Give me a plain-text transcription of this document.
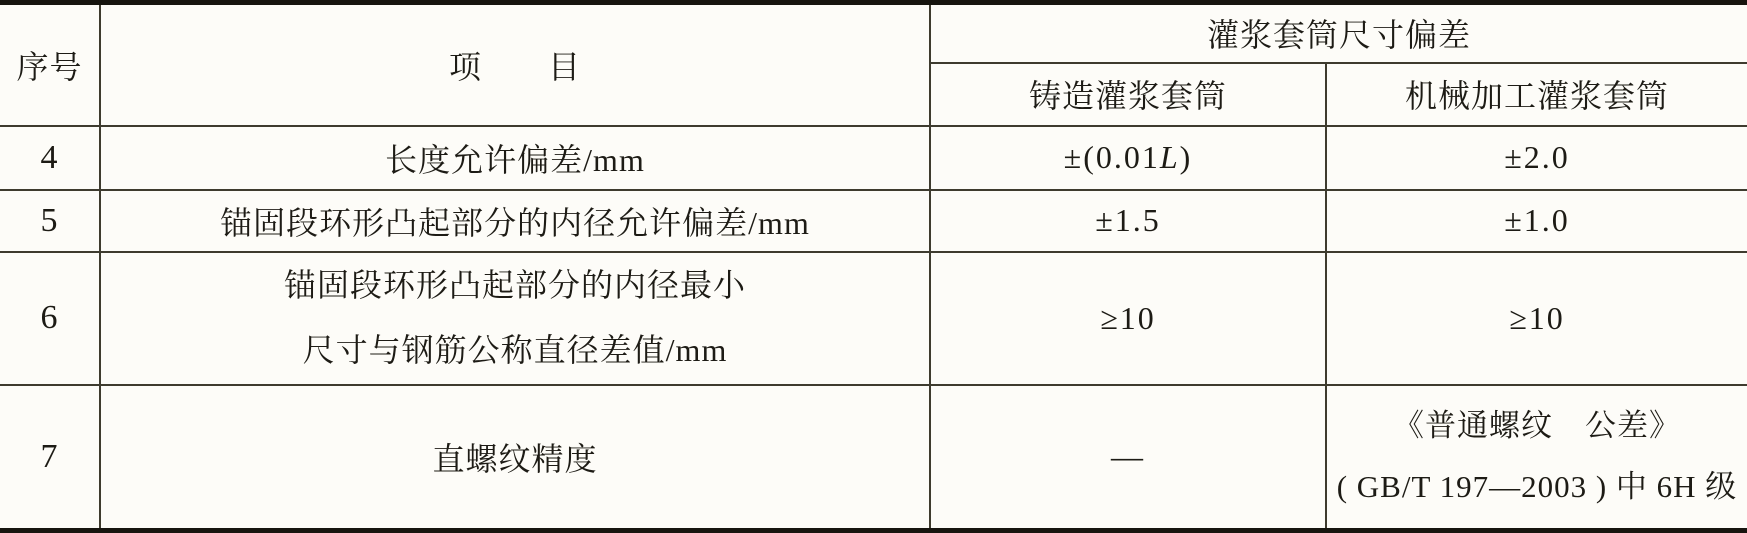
序号	项　　目	灌浆套筒尺寸偏差	
		铸造灌浆套筒	机械加工灌浆套筒
4	长度允许偏差/mm	±(0.01L)	±2.0
5	锚固段环形凸起部分的内径允许偏差/mm	±1.5	±1.0
6	锚固段环形凸起部分的内径最小
尺寸与钢筋公称直径差值/mm	≥10	≥10
7	直螺纹精度	—	《普通螺纹　公差》
( GB/T 197—2003 ) 中 6H 级
